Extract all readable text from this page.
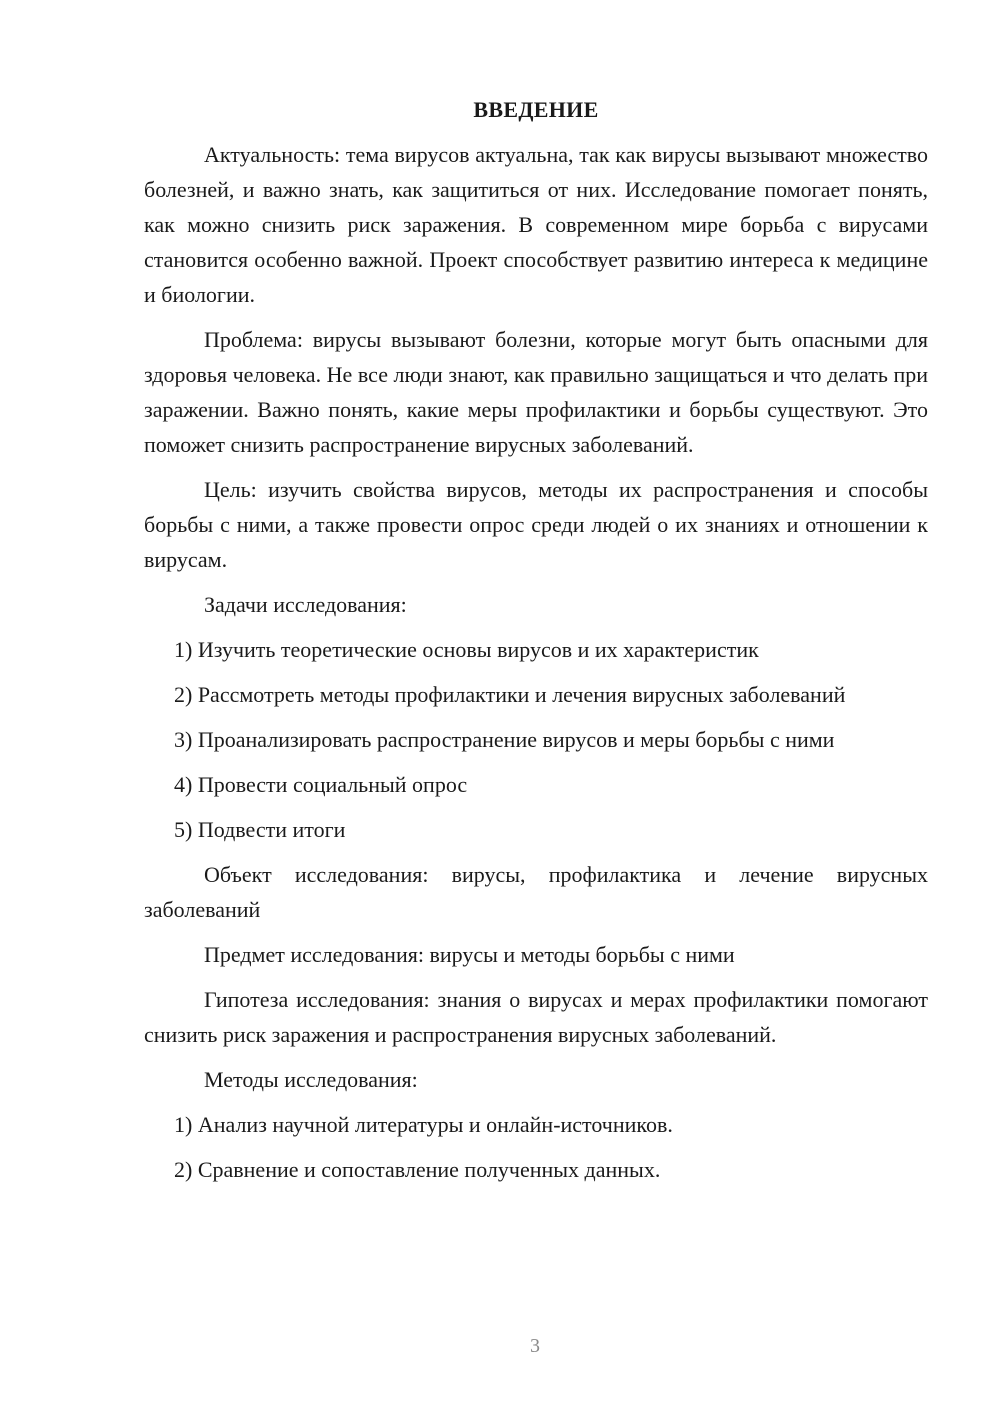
ВВЕДЕНИЕ

Актуальность: тема вирусов актуальна, так как вирусы вызывают множество болезней, и важно знать, как защититься от них. Исследование помогает понять, как можно снизить риск заражения. В современном мире борьба с вирусами становится особенно важной. Проект способствует развитию интереса к медицине и биологии.

Проблема: вирусы вызывают болезни, которые могут быть опасными для здоровья человека. Не все люди знают, как правильно защищаться и что делать при заражении. Важно понять, какие меры профилактики и борьбы существуют. Это поможет снизить распространение вирусных заболеваний.

Цель: изучить свойства вирусов, методы их распространения и способы борьбы с ними, а также провести опрос среди людей о их знаниях и отношении к вирусам.

Задачи исследования:

1) Изучить теоретические основы вирусов и их характеристик

2) Рассмотреть методы профилактики и лечения вирусных заболеваний

3) Проанализировать распространение вирусов и меры борьбы с ними

4) Провести социальный опрос

5) Подвести итоги

Объект исследования: вирусы, профилактика и лечение вирусных заболеваний

Предмет исследования: вирусы и методы борьбы с ними

Гипотеза исследования: знания о вирусах и мерах профилактики помогают снизить риск заражения и распространения вирусных заболеваний.

Методы исследования:

1) Анализ научной литературы и онлайн-источников.

2) Сравнение и сопоставление полученных данных.

3
